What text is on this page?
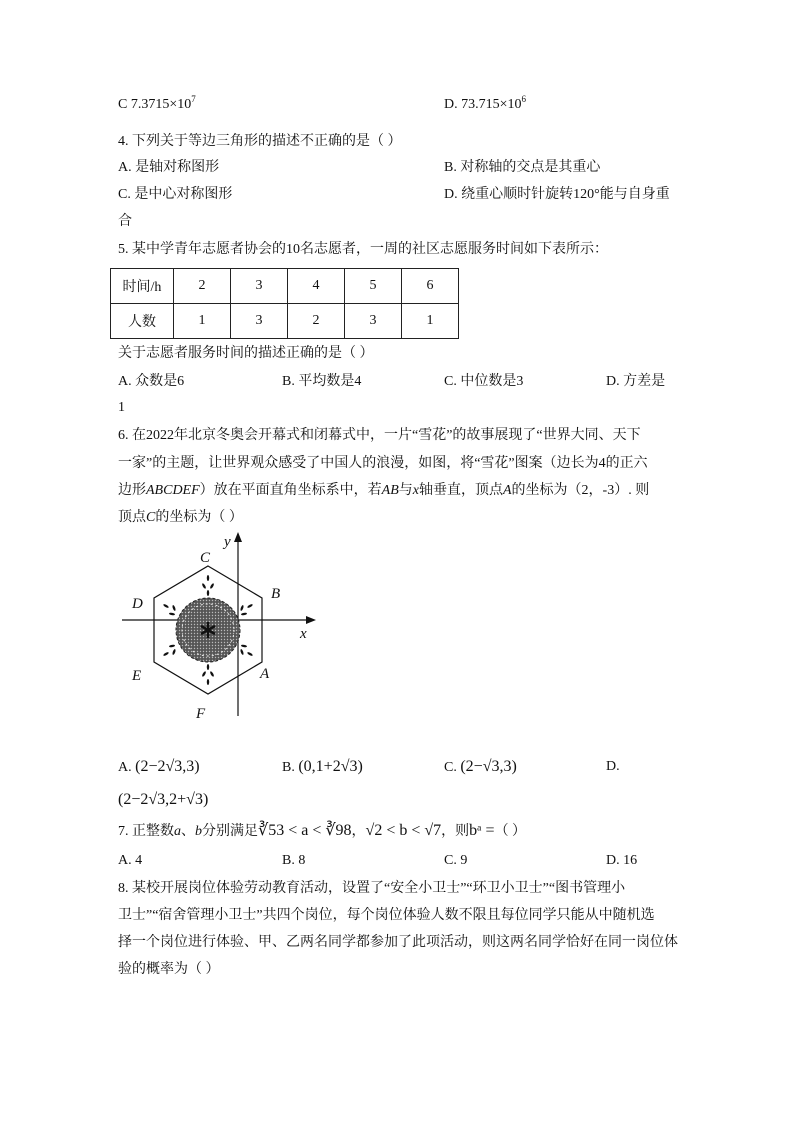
C $7.3715\times 10^7$	D. $73.715\times 10^6$
4. 下列关于等边三角形的描述不正确的是（ ）
A. 是轴对称图形	B. 对称轴的交点是其重心
C. 是中心对称图形	D. 绕重心顺时针旋转120°能与自身重
合
5. 某中学青年志愿者协会的10名志愿者，一周的社区志愿服务时间如下表所示：
时间/h	2	3	4	5	6
人数	1	3	2	3	1
关于志愿者服务时间的描述正确的是（ ）
A. 众数是6	B. 平均数是4	C. 中位数是3	D. 方差是
1
6. 在2022年北京冬奥会开幕式和闭幕式中，一片“雪花”的故事展现了“世界大同、天下
一家”的主题，让世界观众感受了中国人的浪漫，如图，将“雪花”图案（边长为4的正六
边形ABCDEF）放在平面直角坐标系中，若AB与x轴垂直，顶点A的坐标为（2，-3）. 则
顶点C的坐标为（ ）
y
x
C
B
D
A
E
F
A. (2−2√3,3)	B. (0,1+2√3)	C. (2−√3,3)	D.
(2−2√3,2+√3)
7. 正整数a、b分别满足∛53 < a < ∛98，√2 < b < √7，则bᵃ =（ ）
A. 4	B. 8	C. 9	D. 16
8. 某校开展岗位体验劳动教育活动，设置了“安全小卫士”“环卫小卫士”“图书管理小
卫士”“宿舍管理小卫士”共四个岗位，每个岗位体验人数不限且每位同学只能从中随机选
择一个岗位进行体验、甲、乙两名同学都参加了此项活动，则这两名同学恰好在同一岗位体
验的概率为（ ）
